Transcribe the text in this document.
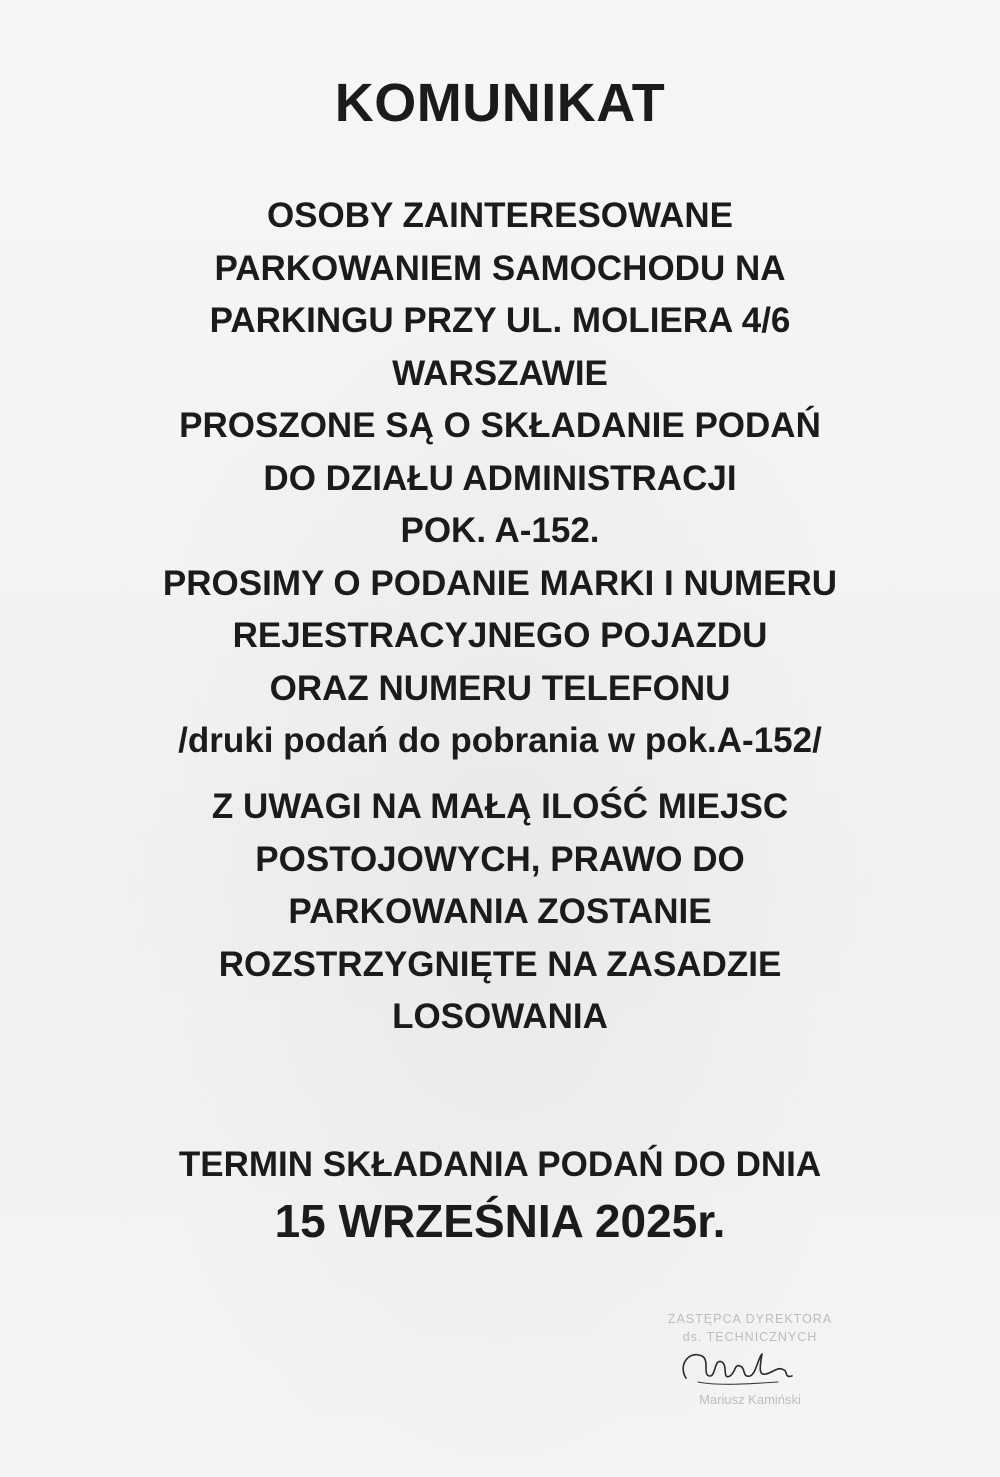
KOMUNIKAT
OSOBY ZAINTERESOWANE
PARKOWANIEM SAMOCHODU NA
PARKINGU PRZY UL. MOLIERA 4/6
WARSZAWIE
PROSZONE SĄ O SKŁADANIE PODAŃ
DO DZIAŁU ADMINISTRACJI
POK. A-152.
PROSIMY O PODANIE MARKI I NUMERU
REJESTRACYJNEGO POJAZDU
ORAZ NUMERU TELEFONU
/druki podań do pobrania w pok.A-152/
Z UWAGI NA MAŁĄ ILOŚĆ MIEJSC
POSTOJOWYCH, PRAWO DO
PARKOWANIA ZOSTANIE
ROZSTRZYGNIĘTE NA ZASADZIE
LOSOWANIA
TERMIN SKŁADANIA PODAŃ DO DNIA
15 WRZEŚNIA 2025r.
ZASTĘPCA DYREKTORA
ds. TECHNICZNYCH
Mariusz Kamiński
